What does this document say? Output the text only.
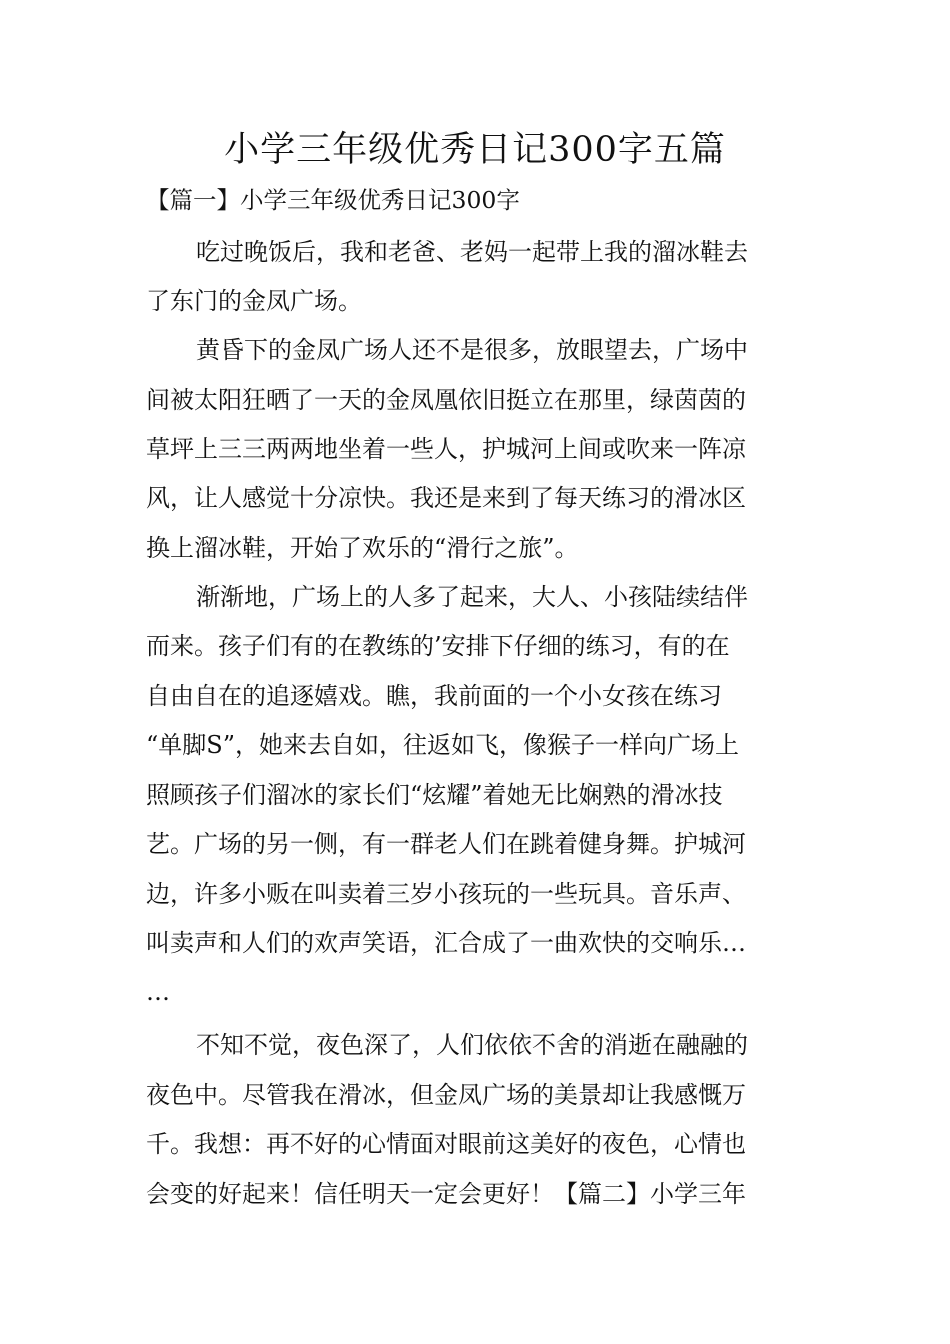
小学三年级优秀日记300字五篇
【篇一】小学三年级优秀日记300字

吃过晚饭后，我和老爸、老妈一起带上我的溜冰鞋去

了东门的金凤广场。

黄昏下的金凤广场人还不是很多，放眼望去，广场中

间被太阳狂晒了一天的金凤凰依旧挺立在那里，绿茵茵的

草坪上三三两两地坐着一些人，护城河上间或吹来一阵凉

风，让人感觉十分凉快。我还是来到了每天练习的滑冰区

换上溜冰鞋，开始了欢乐的“滑行之旅”。

渐渐地，广场上的人多了起来，大人、小孩陆续结伴

而来。孩子们有的在教练的’安排下仔细的练习，有的在

自由自在的追逐嬉戏。瞧，我前面的一个小女孩在练习

“单脚S”，她来去自如，往返如飞，像猴子一样向广场上

照顾孩子们溜冰的家长们“炫耀”着她无比娴熟的滑冰技

艺。广场的另一侧，有一群老人们在跳着健身舞。护城河

边，许多小贩在叫卖着三岁小孩玩的一些玩具。音乐声、

叫卖声和人们的欢声笑语，汇合成了一曲欢快的交响乐…

…

不知不觉，夜色深了，人们依依不舍的消逝在融融的

夜色中。尽管我在滑冰，但金凤广场的美景却让我感慨万

千。我想：再不好的心情面对眼前这美好的夜色，心情也

会变的好起来！信任明天一定会更好！【篇二】小学三年
